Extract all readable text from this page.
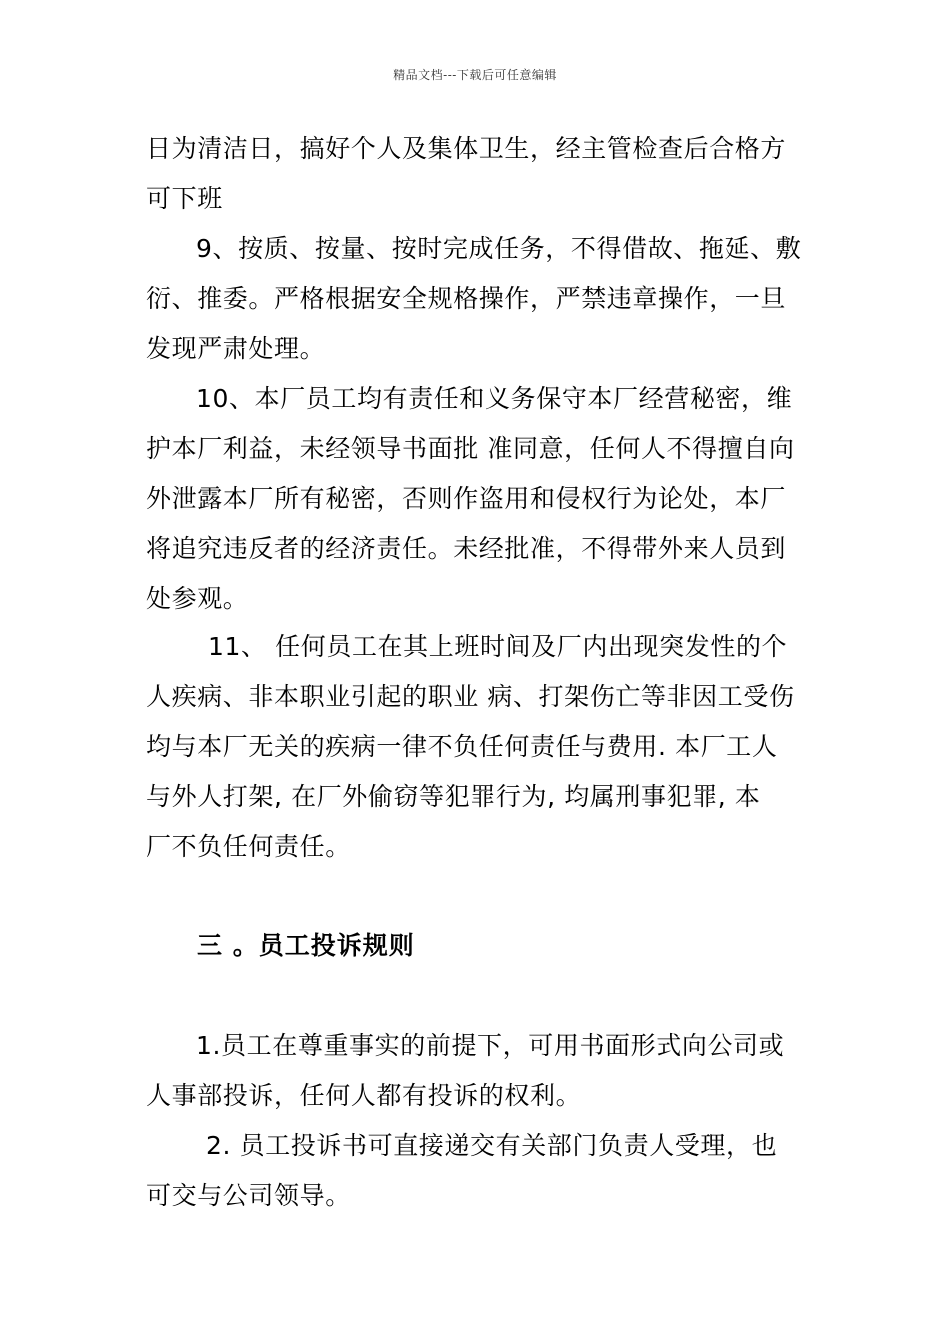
精品文档---下载后可任意编辑

日为清洁日，搞好个人及集体卫生，经主管检查后合格方

可下班

9、按质、按量、按时完成任务，不得借故、拖延、敷

衍、推委。严格根据安全规格操作，严禁违章操作，一旦

发现严肃处理。

10、本厂员工均有责任和义务保守本厂经营秘密，维

护本厂利益，未经领导书面批 准同意，任何人不得擅自向

外泄露本厂所有秘密，否则作盗用和侵权行为论处，本厂

将追究违反者的经济责任。未经批准，不得带外来人员到

处参观。

11、 任何员工在其上班时间及厂内出现突发性的个

人疾病、非本职业引起的职业 病、打架伤亡等非因工受伤

均与本厂无关的疾病一律不负任何责任与费用. 本厂工人

与外人打架, 在厂外偷窃等犯罪行为, 均属刑事犯罪, 本

厂不负任何责任。

三 。员工投诉规则

1.员工在尊重事实的前提下，可用书面形式向公司或

人事部投诉，任何人都有投诉的权利。

2. 员工投诉书可直接递交有关部门负责人受理，也

可交与公司领导。
